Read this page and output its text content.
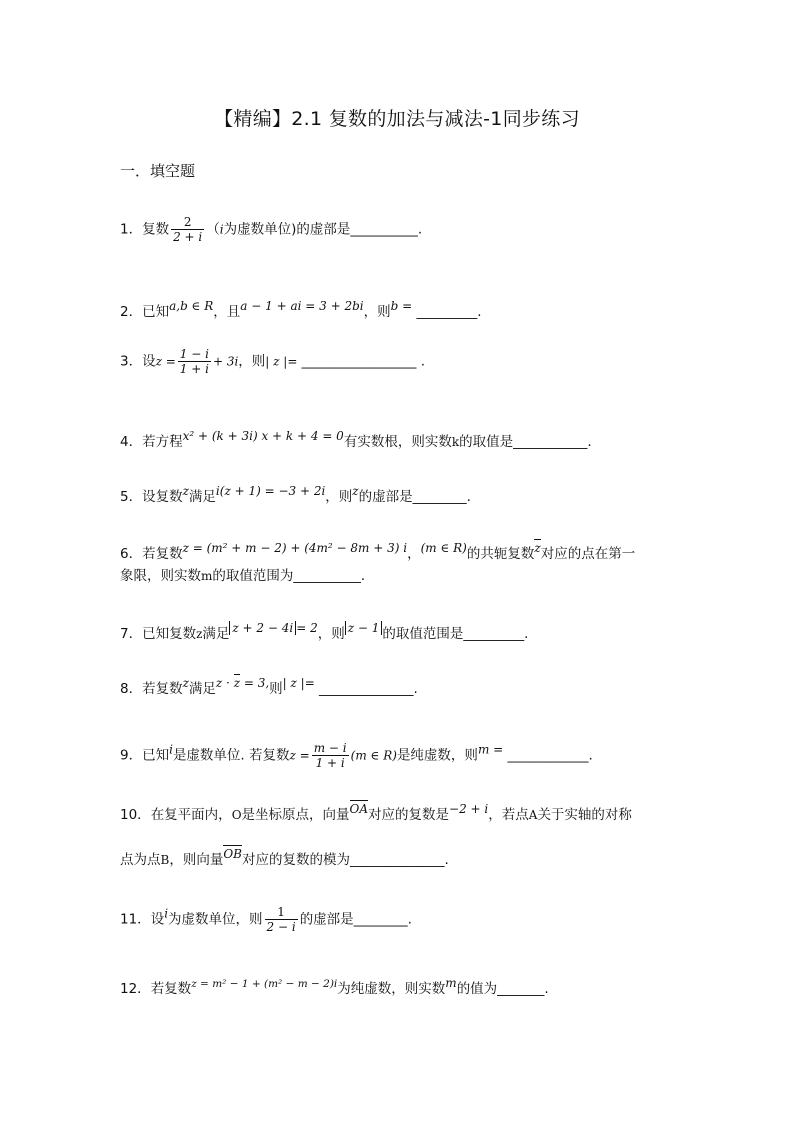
【精编】2.1 复数的加法与减法-1同步练习
一．填空题
1．复数 $\frac{2}{2 + i} (i$为虚数单位)的虚部是__________.
2．已知a,b ∈ R，且a − 1 + ai = 3 + 2bi，则b = _________.
3．设$z = \frac{1 - i}{1 + i} + 3i$，则| z |= _________________ .
4．若方程x² + (k + 3i) x + k + 4 = 0有实数根，则实数k的取值是___________.
5．设复数z满足i(z + 1) = −3 + 2i，则z的虚部是________.
6．若复数z = (m² + m − 2) + (4m² − 8m + 3) i，(m ∈ R)的共轭复数z对应的点在第一
象限，则实数m的取值范围为__________.
7．已知复数z满足 z + 2 − 4i = 2，则 z − 1 的取值范围是_________.
8．若复数z满足z · z = 3,则| z |= ______________.
9．已知i是虚数单位. 若复数$z = \frac{m - i}{1 + i} (m$ ∈ R)是纯虚数，则m = ____________.
10．在复平面内，O是坐标原点，向量OA对应的复数是−2 + i，若点A关于实轴的对称
点为点B，则向量OB对应的复数的模为______________.
11．设i为虚数单位，则 $\frac{1}{2 - i}$ 的虚部是________.
12．若复数$^{z = m^2 - 1 + (m^2 - m - 2)i}$为纯虚数，则实数m的值为_______.
